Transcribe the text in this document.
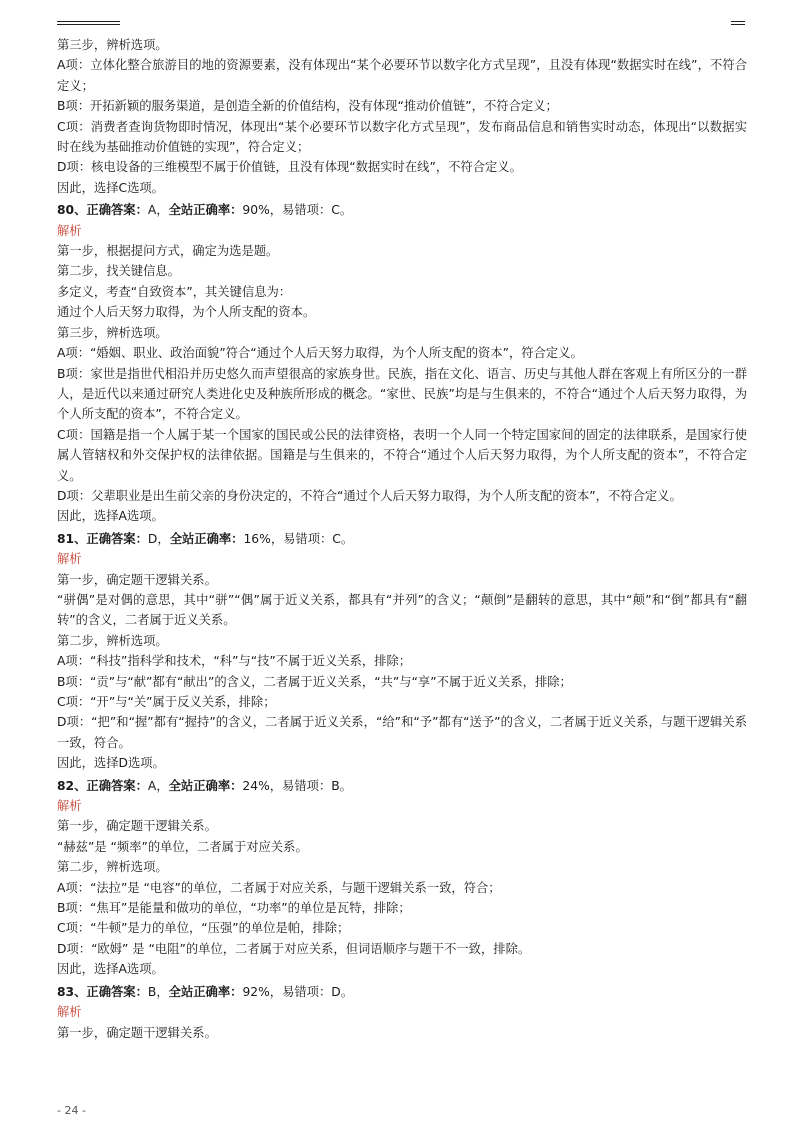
第三步，辨析选项。

A项：立体化整合旅游目的地的资源要素，没有体现出“某个必要环节以数字化方式呈现”，且没有体现“数据实时在线”，不符合定义；

B项：开拓新颖的服务渠道，是创造全新的价值结构，没有体现“推动价值链”，不符合定义；

C项：消费者查询货物即时情况，体现出“某个必要环节以数字化方式呈现”，发布商品信息和销售实时动态，体现出“以数据实时在线为基础推动价值链的实现”，符合定义；

D项：核电设备的三维模型不属于价值链，且没有体现“数据实时在线”，不符合定义。

因此，选择C选项。

80、正确答案：A，全站正确率：90%，易错项：C。

解析

第一步，根据提问方式，确定为选是题。

第二步，找关键信息。

多定义，考查“自致资本”，其关键信息为：

通过个人后天努力取得，为个人所支配的资本。

第三步，辨析选项。

A项：“婚姻、职业、政治面貌”符合“通过个人后天努力取得，为个人所支配的资本”，符合定义。

B项：家世是指世代相沿并历史悠久而声望很高的家族身世。民族，指在文化、语言、历史与其他人群在客观上有所区分的一群人，是近代以来通过研究人类进化史及种族所形成的概念。“家世、民族”均是与生俱来的，不符合“通过个人后天努力取得，为个人所支配的资本”，不符合定义。

C项：国籍是指一个人属于某一个国家的国民或公民的法律资格，表明一个人同一个特定国家间的固定的法律联系，是国家行使属人管辖权和外交保护权的法律依据。国籍是与生俱来的，不符合“通过个人后天努力取得，为个人所支配的资本”，不符合定义。

D项：父辈职业是出生前父亲的身份决定的，不符合“通过个人后天努力取得，为个人所支配的资本”，不符合定义。

因此，选择A选项。

81、正确答案：D，全站正确率：16%，易错项：C。

解析

第一步，确定题干逻辑关系。

“骈偶”是对偶的意思，其中“骈”“偶”属于近义关系，都具有“并列”的含义；“颠倒”是翻转的意思，其中“颠”和“倒”都具有“翻转”的含义，二者属于近义关系。

第二步，辨析选项。

A项：“科技”指科学和技术，“科”与“技”不属于近义关系，排除；

B项：“贡”与“献”都有“献出”的含义，二者属于近义关系，“共”与“享”不属于近义关系，排除；

C项：“开”与“关”属于反义关系，排除；

D项：“把”和“握”都有“握持”的含义，二者属于近义关系，“给”和“予”都有“送予”的含义，二者属于近义关系，与题干逻辑关系一致，符合。

因此，选择D选项。

82、正确答案：A，全站正确率：24%，易错项：B。

解析

第一步，确定题干逻辑关系。

“赫兹”是 “频率”的单位，二者属于对应关系。

第二步，辨析选项。

A项：“法拉”是 “电容”的单位，二者属于对应关系，与题干逻辑关系一致，符合；

B项：“焦耳”是能量和做功的单位，“功率”的单位是瓦特，排除；

C项：“牛顿”是力的单位，“压强”的单位是帕，排除；

D项：“欧姆” 是 “电阻”的单位，二者属于对应关系，但词语顺序与题干不一致，排除。

因此，选择A选项。

83、正确答案：B，全站正确率：92%，易错项：D。

解析

第一步，确定题干逻辑关系。

- 24 -
